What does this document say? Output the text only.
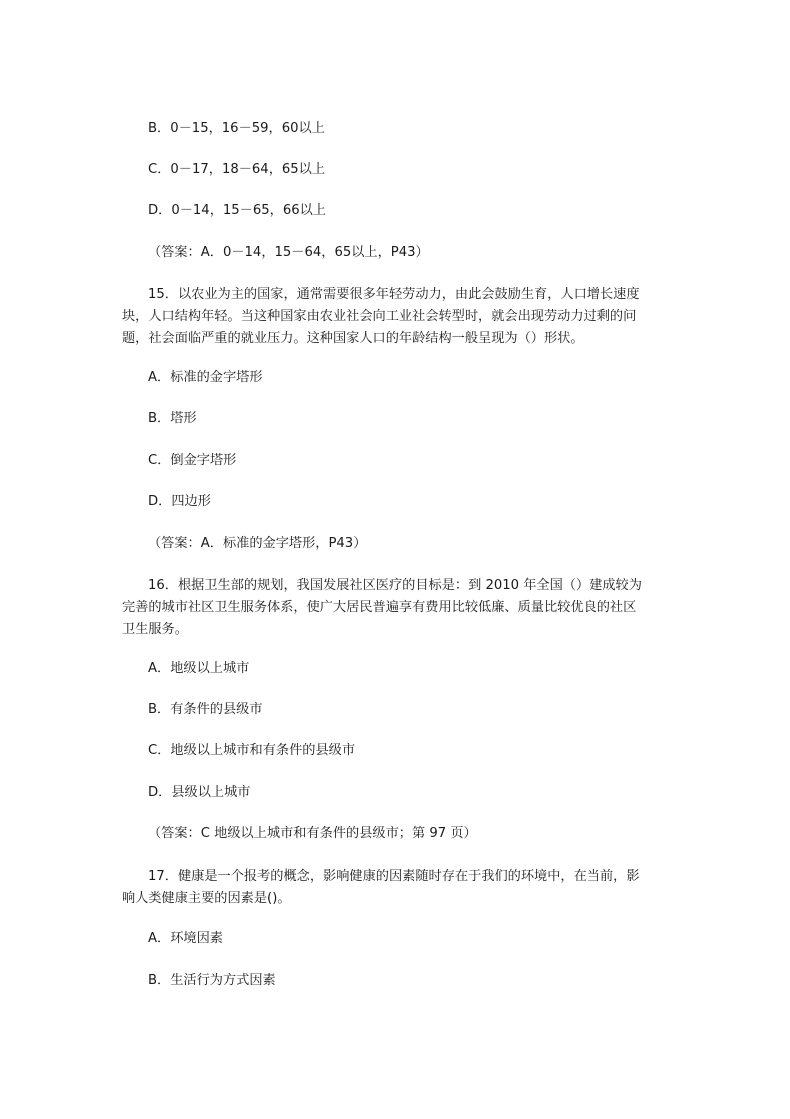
B．0－15，16－59，60以上
C．0－17，18－64，65以上
D．0－14，15－65，66以上
（答案：A．0－14，15－64，65以上，P43）
15．以农业为主的国家，通常需要很多年轻劳动力，由此会鼓励生育，人口增长速度
块，人口结构年轻。当这种国家由农业社会向工业社会转型时，就会出现劳动力过剩的问
题，社会面临严重的就业压力。这种国家人口的年龄结构一般呈现为（）形状。
A．标准的金字塔形
B．塔形
C．倒金字塔形
D．四边形
（答案：A．标准的金字塔形，P43）
16．根据卫生部的规划，我国发展社区医疗的目标是：到 2010 年全国（）建成较为
完善的城市社区卫生服务体系，使广大居民普遍享有费用比较低廉、质量比较优良的社区
卫生服务。
A．地级以上城市
B．有条件的县级市
C．地级以上城市和有条件的县级市
D．县级以上城市
（答案：C 地级以上城市和有条件的县级市；第 97 页）
17．健康是一个报考的概念，影响健康的因素随时存在于我们的环境中，在当前，影
响人类健康主要的因素是()。
A．环境因素
B．生活行为方式因素
